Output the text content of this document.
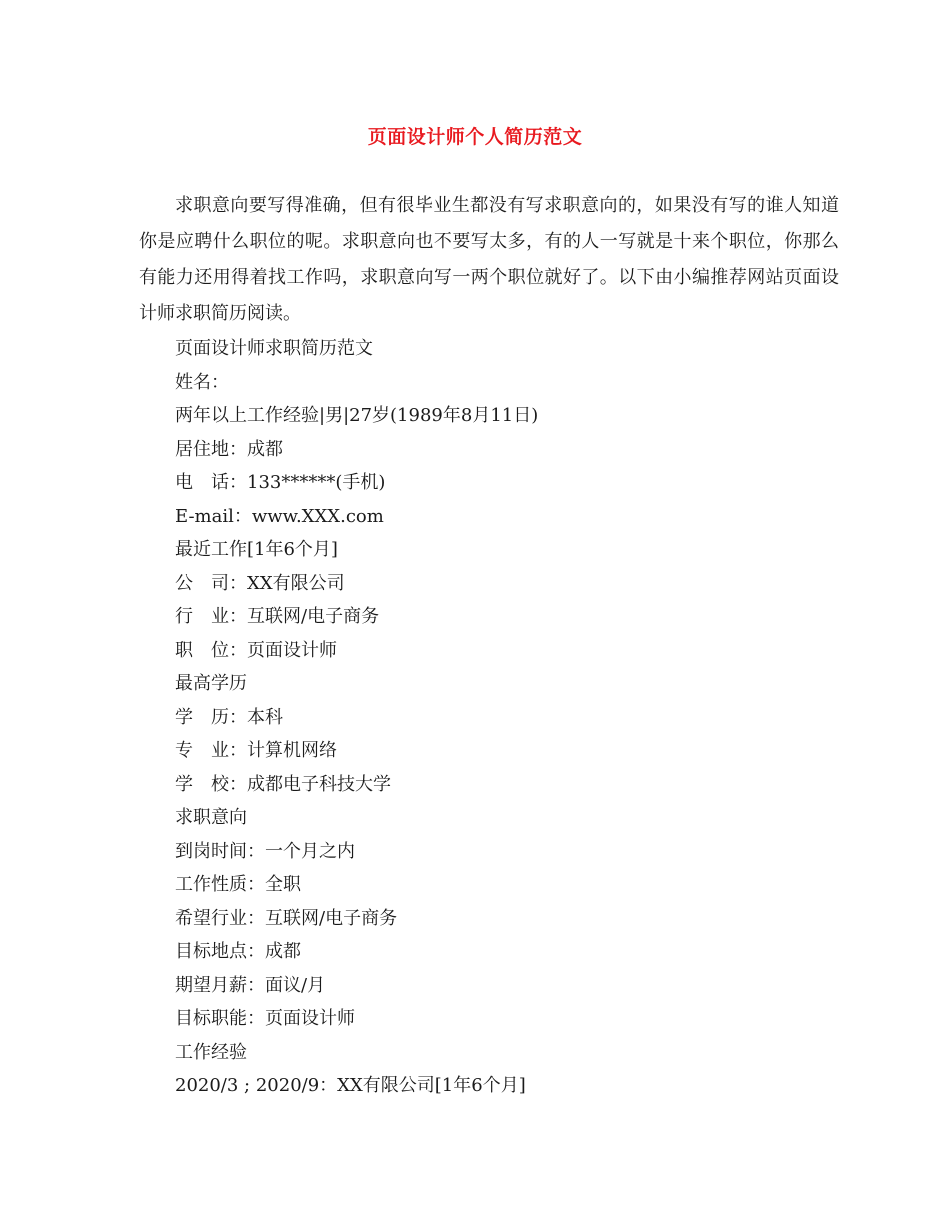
页面设计师个人简历范文

求职意向要写得准确，但有很毕业生都没有写求职意向的，如果没有写的谁人知道你是应聘什么职位的呢。求职意向也不要写太多，有的人一写就是十来个职位，你那么有能力还用得着找工作吗，求职意向写一两个职位就好了。以下由小编推荐网站页面设计师求职简历阅读。

页面设计师求职简历范文
姓名：
两年以上工作经验|男|27岁(1989年8月11日)
居住地：成都
电　话：133******(手机)
E-mail：www.XXX.com
最近工作[1年6个月]
公　司：XX有限公司
行　业：互联网/电子商务
职　位：页面设计师
最高学历
学　历：本科
专　业：计算机网络
学　校：成都电子科技大学
求职意向
到岗时间：一个月之内
工作性质：全职
希望行业：互联网/电子商务
目标地点：成都
期望月薪：面议/月
目标职能：页面设计师
工作经验
2020/3 ; 2020/9：XX有限公司[1年6个月]
